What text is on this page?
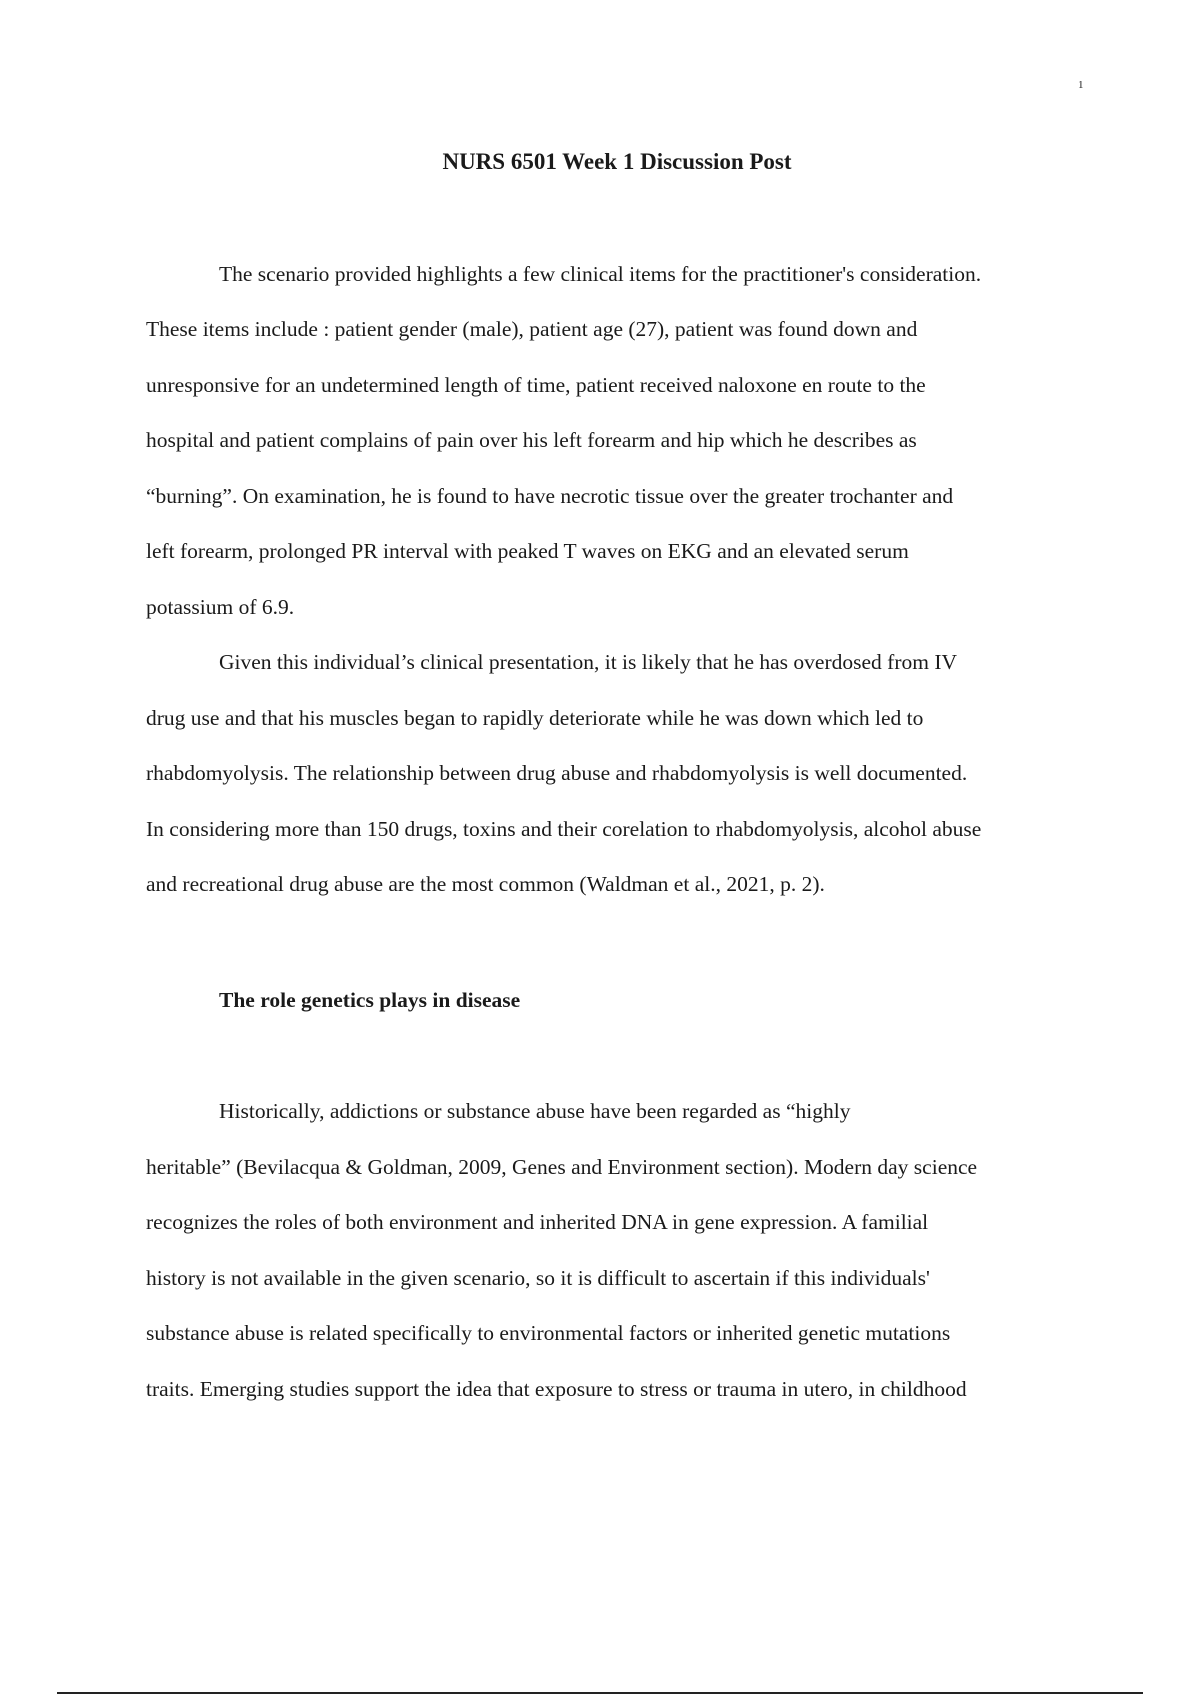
1
NURS 6501 Week 1 Discussion Post
The scenario provided highlights a few clinical items for the practitioner's consideration.
These items include : patient gender (male), patient age (27), patient was found down and
unresponsive for an undetermined length of time, patient received naloxone en route to the
hospital and patient complains of pain over his left forearm and hip which he describes as
“burning”. On examination, he is found to have necrotic tissue over the greater trochanter and
left forearm, prolonged PR interval with peaked T waves on EKG and an elevated serum
potassium of 6.9.
Given this individual’s clinical presentation, it is likely that he has overdosed from IV
drug use and that his muscles began to rapidly deteriorate while he was down which led to
rhabdomyolysis. The relationship between drug abuse and rhabdomyolysis is well documented.
In considering more than 150 drugs, toxins and their corelation to rhabdomyolysis, alcohol abuse
and recreational drug abuse are the most common (Waldman et al., 2021, p. 2).
The role genetics plays in disease
Historically, addictions or substance abuse have been regarded as “highly
heritable” (Bevilacqua & Goldman, 2009, Genes and Environment section). Modern day science
recognizes the roles of both environment and inherited DNA in gene expression. A familial
history is not available in the given scenario, so it is difficult to ascertain if this individuals'
substance abuse is related specifically to environmental factors or inherited genetic mutations
traits. Emerging studies support the idea that exposure to stress or trauma in utero, in childhood
